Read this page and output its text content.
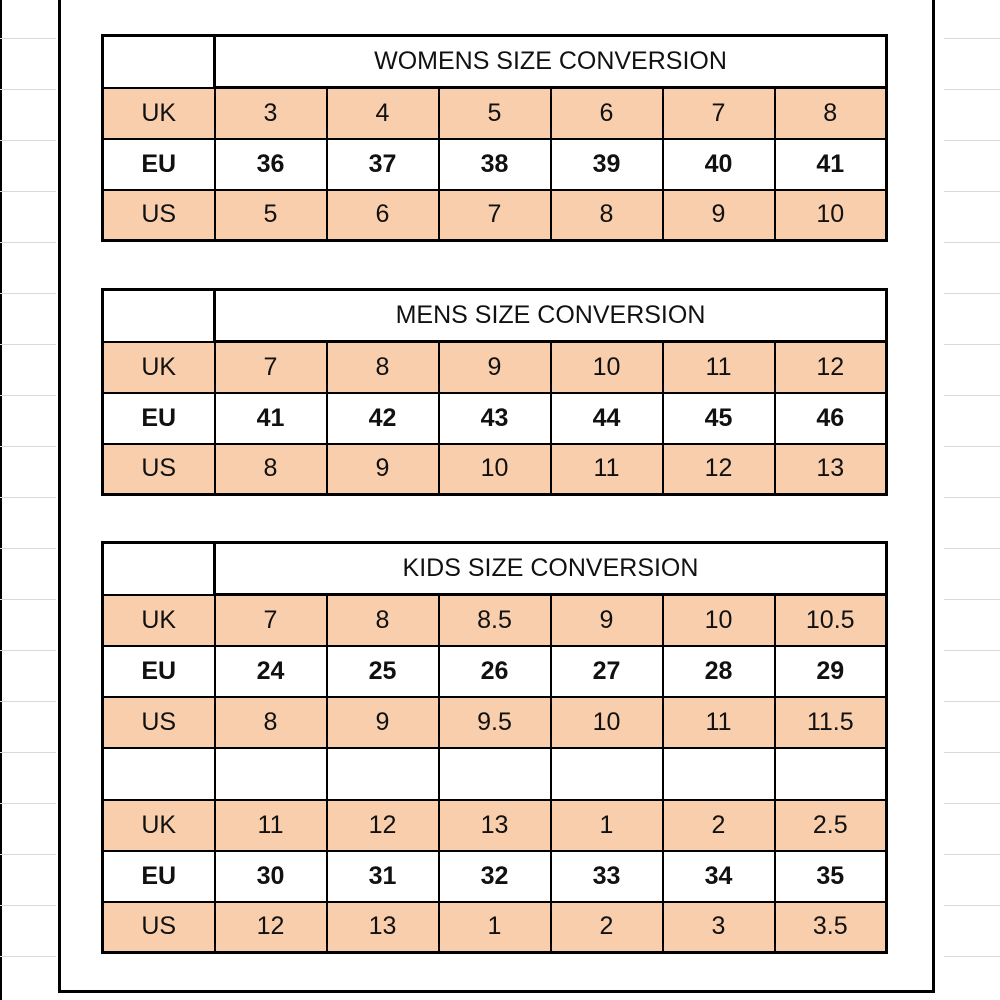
	WOMENS SIZE CONVERSION					
UK	3	4	5	6	7	8
EU	36	37	38	39	40	41
US	5	6	7	8	9	10
	MENS SIZE CONVERSION					
UK	7	8	9	10	11	12
EU	41	42	43	44	45	46
US	8	9	10	11	12	13
	KIDS SIZE CONVERSION					
UK	7	8	8.5	9	10	10.5
EU	24	25	26	27	28	29
US	8	9	9.5	10	11	11.5

UK	11	12	13	1	2	2.5
EU	30	31	32	33	34	35
US	12	13	1	2	3	3.5
